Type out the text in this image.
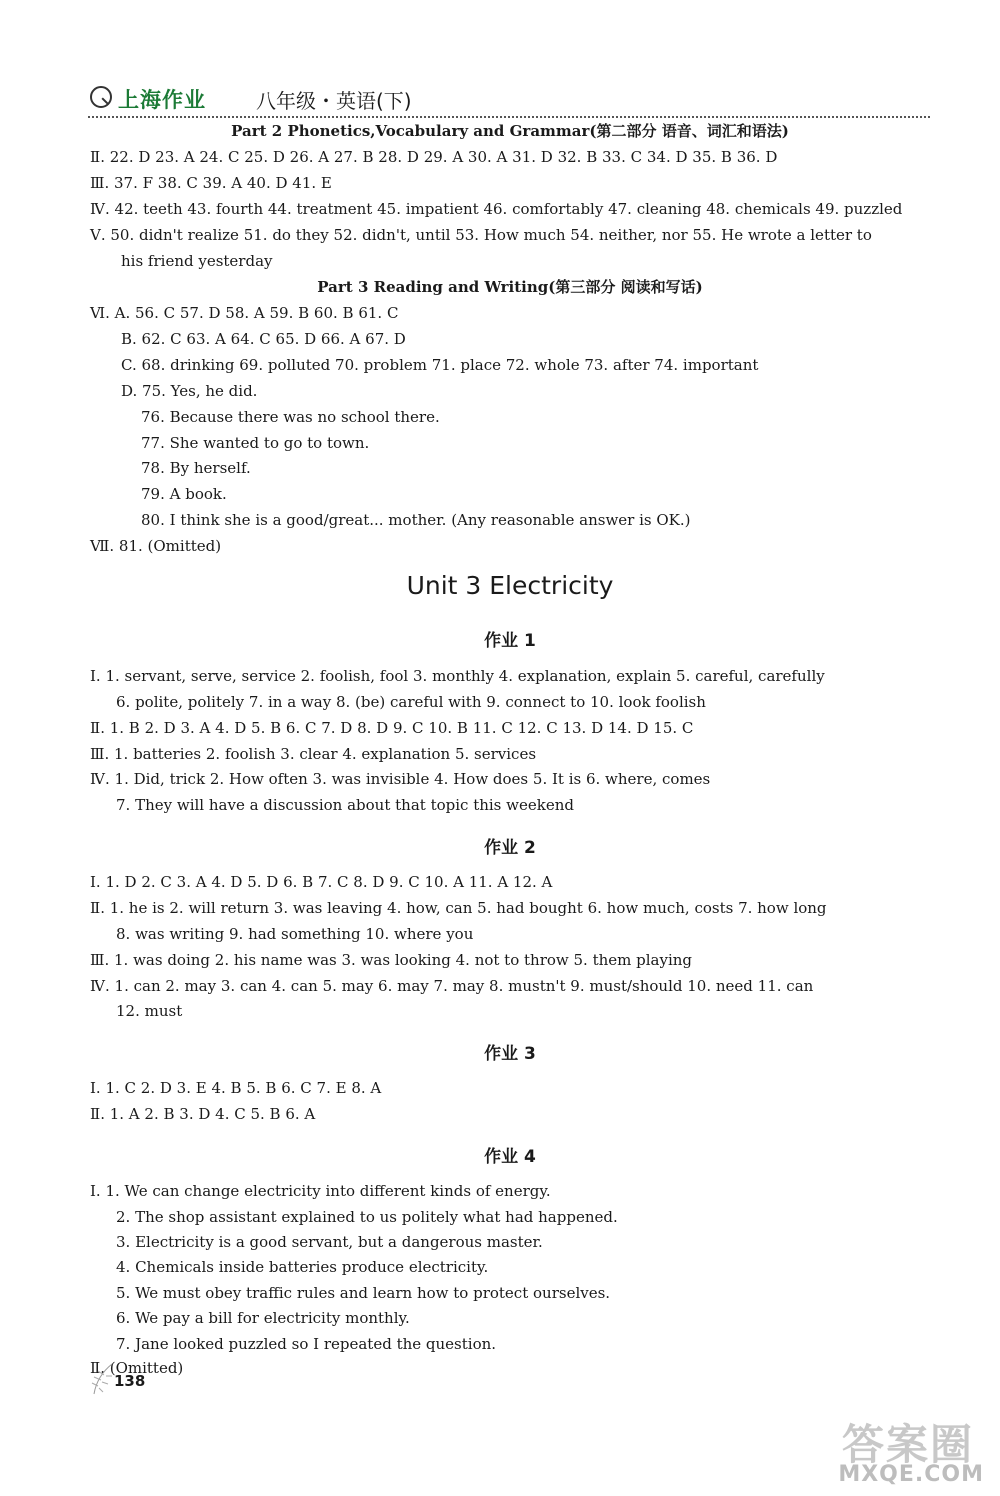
上海作业	八年级・英语(下)
Part 2 Phonetics,Vocabulary and Grammar(第二部分 语音、词汇和语法)
Ⅱ. 22. D 23. A 24. C 25. D 26. A 27. B 28. D 29. A 30. A 31. D 32. B 33. C 34. D 35. B 36. D
Ⅲ. 37. F 38. C 39. A 40. D 41. E
Ⅳ. 42. teeth 43. fourth 44. treatment 45. impatient 46. comfortably 47. cleaning 48. chemicals 49. puzzled
Ⅴ. 50. didn't realize 51. do they 52. didn't, until 53. How much 54. neither, nor 55. He wrote a letter to
his friend yesterday
Part 3 Reading and Writing(第三部分 阅读和写话)
Ⅵ. A. 56. C 57. D 58. A 59. B 60. B 61. C
B. 62. C 63. A 64. C 65. D 66. A 67. D
C. 68. drinking 69. polluted 70. problem 71. place 72. whole 73. after 74. important
D. 75. Yes, he did.
76. Because there was no school there.
77. She wanted to go to town.
78. By herself.
79. A book.
80. I think she is a good/great... mother. (Any reasonable answer is OK.)
Ⅶ. 81. (Omitted)
Unit 3 Electricity
作业 1
Ⅰ. 1. servant, serve, service 2. foolish, fool 3. monthly 4. explanation, explain 5. careful, carefully
6. polite, politely 7. in a way 8. (be) careful with 9. connect to 10. look foolish
Ⅱ. 1. B 2. D 3. A 4. D 5. B 6. C 7. D 8. D 9. C 10. B 11. C 12. C 13. D 14. D 15. C
Ⅲ. 1. batteries 2. foolish 3. clear 4. explanation 5. services
Ⅳ. 1. Did, trick 2. How often 3. was invisible 4. How does 5. It is 6. where, comes
7. They will have a discussion about that topic this weekend
作业 2
Ⅰ. 1. D 2. C 3. A 4. D 5. D 6. B 7. C 8. D 9. C 10. A 11. A 12. A
Ⅱ. 1. he is 2. will return 3. was leaving 4. how, can 5. had bought 6. how much, costs 7. how long
8. was writing 9. had something 10. where you
Ⅲ. 1. was doing 2. his name was 3. was looking 4. not to throw 5. them playing
Ⅳ. 1. can 2. may 3. can 4. can 5. may 6. may 7. may 8. mustn't 9. must/should 10. need 11. can
12. must
作业 3
Ⅰ. 1. C 2. D 3. E 4. B 5. B 6. C 7. E 8. A
Ⅱ. 1. A 2. B 3. D 4. C 5. B 6. A
作业 4
Ⅰ. 1. We can change electricity into different kinds of energy.
2. The shop assistant explained to us politely what had happened.
3. Electricity is a good servant, but a dangerous master.
4. Chemicals inside batteries produce electricity.
5. We must obey traffic rules and learn how to protect ourselves.
6. We pay a bill for electricity monthly.
7. Jane looked puzzled so I repeated the question.
Ⅱ. (Omitted)
138
答案圈
MXQE.COM
